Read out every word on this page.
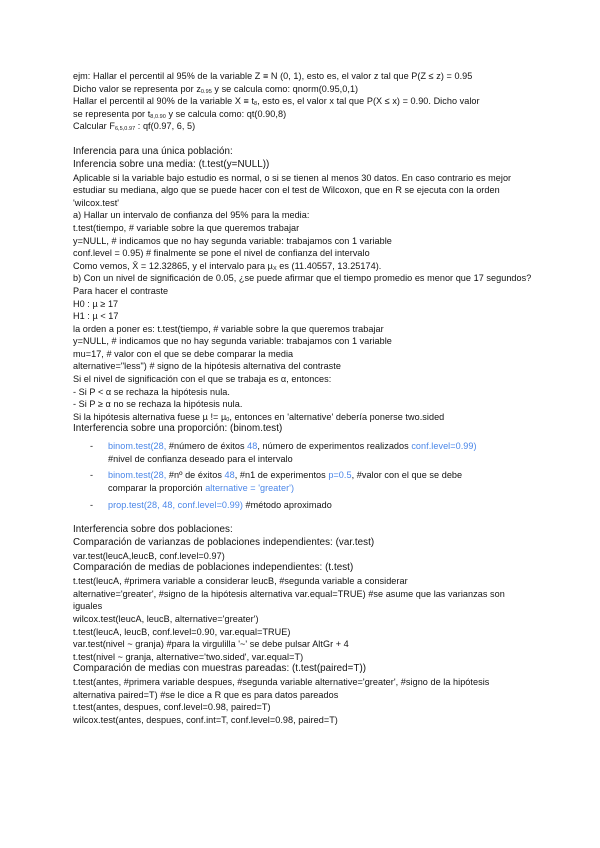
ejm: Hallar el percentil al 95% de la variable Z ≡ N (0, 1), esto es, el valor z tal que P(Z ≤ z) = 0.95
Dicho valor se representa por $z_{0.95}$ y se calcula como: qnorm(0.95,0,1)
Hallar el percentil al 90% de la variable $X \equiv t_8$, esto es, el valor x tal que P(X ≤ x) = 0.90. Dicho valor
se representa por $t_{8,0.90}$ y se calcula como: qt(0.90,8)
Calcular $F_{6,5,0.97}$ : qf(0.97, 6, 5)
Inferencia para una única población:
Inferencia sobre una media: (t.test(y=NULL))
Aplicable si la variable bajo estudio es normal, o si se tienen al menos 30 datos. En caso contrario es mejor estudiar su mediana, algo que se puede hacer con el test de Wilcoxon, que en R se ejecuta con la orden 'wilcox.test'
a) Hallar un intervalo de confianza del 95% para la media:
t.test(tiempo, # variable sobre la que queremos trabajar
y=NULL, # indicamos que no hay segunda variable: trabajamos con 1 variable
conf.level = 0.95) # finalmente se pone el nivel de confianza del intervalo
Como vemos, X̄ = 12.32865, y el intervalo para µ$_X$ es (11.40557, 13.25174).
b) Con un nivel de significación de 0.05, ¿se puede afirmar que el tiempo promedio es menor que 17 segundos? Para hacer el contraste
H0 : µ ≥ 17
H1 : µ < 17
la orden a poner es: t.test(tiempo, # variable sobre la que queremos trabajar
y=NULL, # indicamos que no hay segunda variable: trabajamos con 1 variable
mu=17, # valor con el que se debe comparar la media
alternative="less") # signo de la hipótesis alternativa del contraste
Si el nivel de significación con el que se trabaja es α, entonces:
- Si P < α se rechaza la hipótesis nula.
- Si P ≥ α no se rechaza la hipótesis nula.
Si la hipótesis alternativa fuese µ != µ$_0$, entonces en 'alternative' debería ponerse two.sided
Interferencia sobre una proporción: (binom.test)
- binom.test(28, #número de éxitos 48, número de experimentos realizados conf.level=0.99)
#nivel de confianza deseado para el intervalo
- binom.test(28, #nº de éxitos 48, #n1 de experimentos p=0.5, #valor con el que se debe
comparar la proporción alternative = 'greater')
- prop.test(28, 48, conf.level=0.99) #método aproximado
Interferencia sobre dos poblaciones:
Comparación de varianzas de poblaciones independientes: (var.test)
var.test(leucA,leucB, conf.level=0.97)
Comparación de medias de poblaciones independientes: (t.test)
t.test(leucA, #primera variable a considerar leucB, #segunda variable a considerar
alternative='greater', #signo de la hipótesis alternativa var.equal=TRUE) #se asume que las varianzas son iguales
wilcox.test(leucA, leucB, alternative='greater')
t.test(leucA, leucB, conf.level=0.90, var.equal=TRUE)
var.test(nivel ~ granja) #para la virgulilla '~' se debe pulsar AltGr + 4
t.test(nivel ~ granja, alternative='two.sided', var.equal=T)
Comparación de medias con muestras pareadas: (t.test(paired=T))
t.test(antes, #primera variable despues, #segunda variable alternative='greater', #signo de la hipótesis alternativa paired=T) #se le dice a R que es para datos pareados
t.test(antes, despues, conf.level=0.98, paired=T)
wilcox.test(antes, despues, conf.int=T, conf.level=0.98, paired=T)
